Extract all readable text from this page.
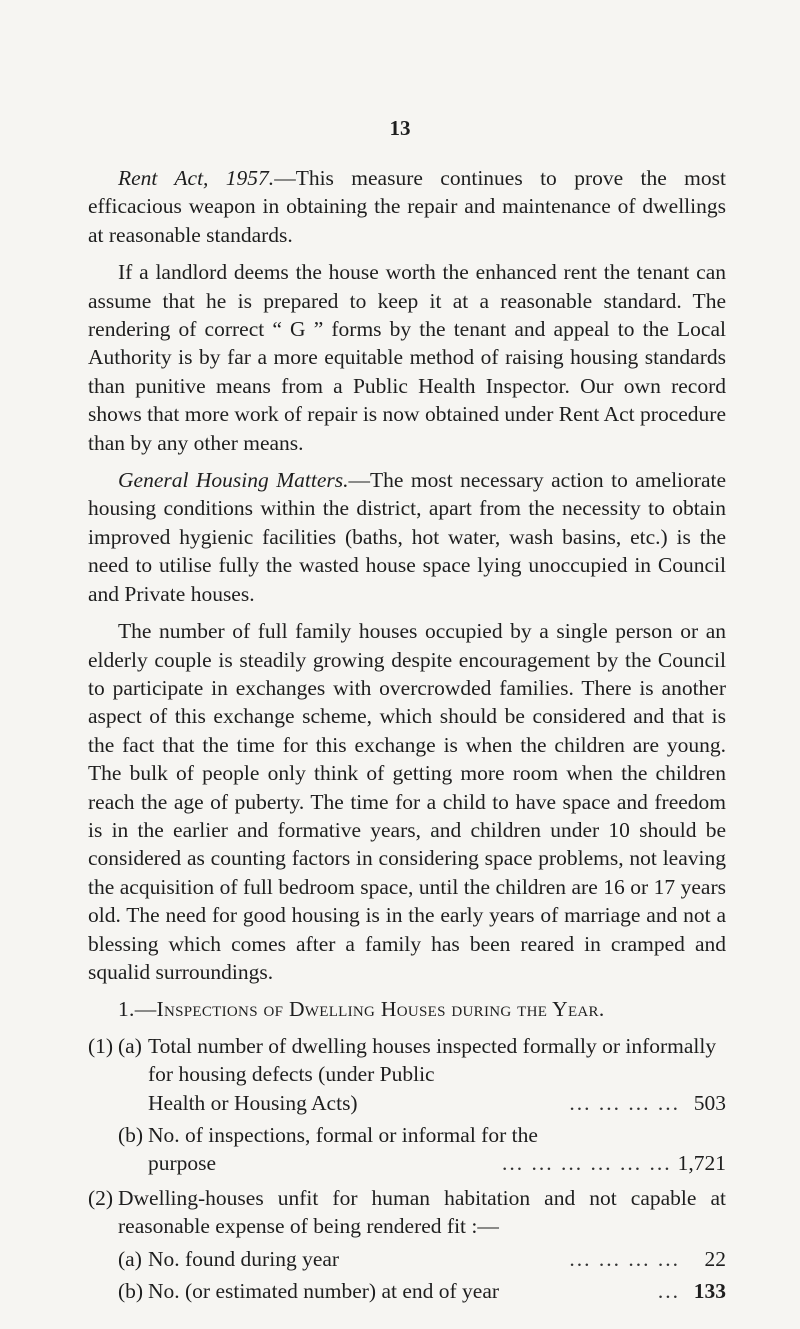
13

Rent Act, 1957.—This measure continues to prove the most efficacious weapon in obtaining the repair and maintenance of dwellings at reasonable standards.

If a landlord deems the house worth the enhanced rent the tenant can assume that he is prepared to keep it at a reasonable standard. The rendering of correct “ G ” forms by the tenant and appeal to the Local Authority is by far a more equitable method of raising housing standards than punitive means from a Public Health Inspector. Our own record shows that more work of repair is now obtained under Rent Act procedure than by any other means.

General Housing Matters.—The most necessary action to ameliorate housing conditions within the district, apart from the necessity to obtain improved hygienic facilities (baths, hot water, wash basins, etc.) is the need to utilise fully the wasted house space lying unoccupied in Council and Private houses.

The number of full family houses occupied by a single person or an elderly couple is steadily growing despite encouragement by the Council to participate in exchanges with overcrowded families. There is another aspect of this exchange scheme, which should be considered and that is the fact that the time for this exchange is when the children are young. The bulk of people only think of getting more room when the children reach the age of puberty. The time for a child to have space and freedom is in the earlier and formative years, and children under 10 should be considered as counting factors in considering space problems, not leaving the acquisition of full bedroom space, until the children are 16 or 17 years old. The need for good housing is in the early years of marriage and not a blessing which comes after a family has been reared in cramped and squalid surroundings.

1.—Inspections of Dwelling Houses during the Year.

(1) (a) Total number of dwelling houses inspected formally or informally for housing defects (under Public
Health or Housing Acts)	... ... ... ... 503
(b) No. of inspections, formal or informal for the
purpose	... ... ... ... ... ... 1,721
(2) Dwelling-houses unfit for human habitation and not capable at reasonable expense of being rendered fit :—
(a) No. found during year	... ... ... ...	22
(b) No. (or estimated number) at end of year	... 133
